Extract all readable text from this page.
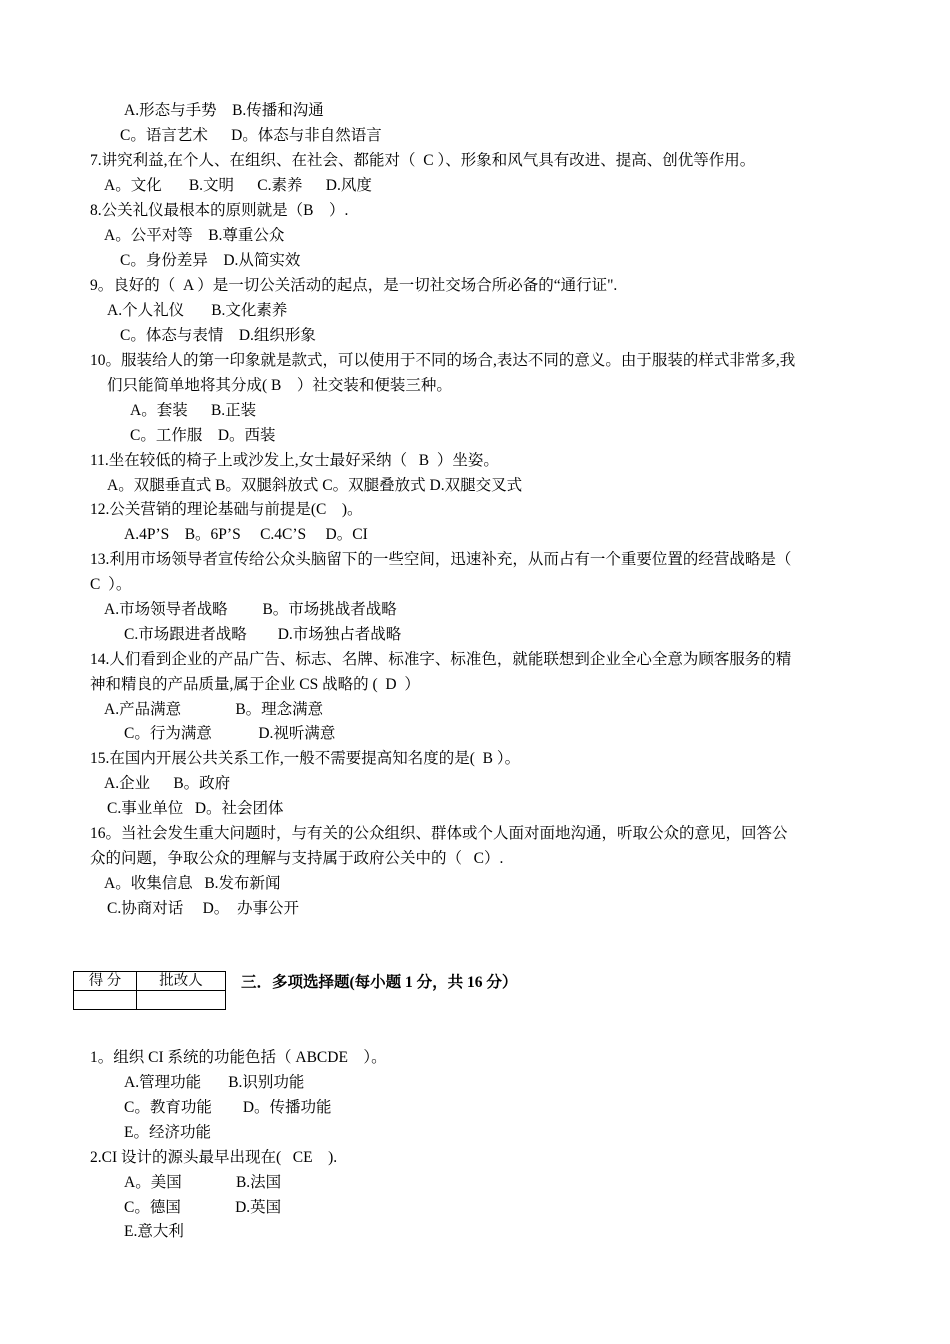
A.形态与手势    B.传播和沟通
C。语言艺术      D。体态与非自然语言
7.讲究利益,在个人、在组织、在社会、都能对（  C ）、形象和风气具有改进、提高、创优等作用。
A。文化       B.文明      C.素养      D.风度
8.公关礼仪最根本的原则就是（B    ）.
A。公平对等    B.尊重公众
C。身份差异    D.从简实效
9。良好的（  A ）是一切公关活动的起点，是一切社交场合所必备的“通行证".
A.个人礼仪       B.文化素养
C。体态与表情    D.组织形象
10。服装给人的第一印象就是款式，可以使用于不同的场合,表达不同的意义。由于服装的样式非常多,我
们只能简单地将其分成( B    ）社交装和便装三种。
A。套装      B.正装
C。工作服    D。西装
11.坐在较低的椅子上或沙发上,女士最好采纳（   B  ）坐姿。
A。双腿垂直式 B。双腿斜放式 C。双腿叠放式 D.双腿交叉式
12.公关营销的理论基础与前提是(C    )。
A.4P’S    B。6P’S     C.4C’S     D。CI
13.利用市场领导者宣传给公众头脑留下的一些空间，迅速补充，从而占有一个重要位置的经营战略是（
C  ）。
A.市场领导者战略         B。市场挑战者战略
C.市场跟进者战略        D.市场独占者战略
14.人们看到企业的产品广告、标志、名牌、标准字、标准色，就能联想到企业全心全意为顾客服务的精
神和精良的产品质量,属于企业 CS 战略的 (  D  ）
A.产品满意              B。理念满意
C。行为满意            D.视听满意
15.在国内开展公共关系工作,一般不需要提高知名度的是(  B ）。
A.企业      B。政府
C.事业单位   D。社会团体
16。当社会发生重大问题时，与有关的公众组织、群体或个人面对面地沟通，听取公众的意见，回答公
众的问题，争取公众的理解与支持属于政府公关中的（   C）.
A。收集信息   B.发布新闻
C.协商对话     D。  办事公开
得 分	批改人
	三．多项选择题(每小题 1 分，共 16 分）
1。组织 CI 系统的功能色括（ ABCDE    ）。
A.管理功能       B.识别功能
C。教育功能        D。传播功能
E。经济功能
2.CI 设计的源头最早出现在(   CE    ).
A。美国              B.法国
C。德国              D.英国
E.意大利
